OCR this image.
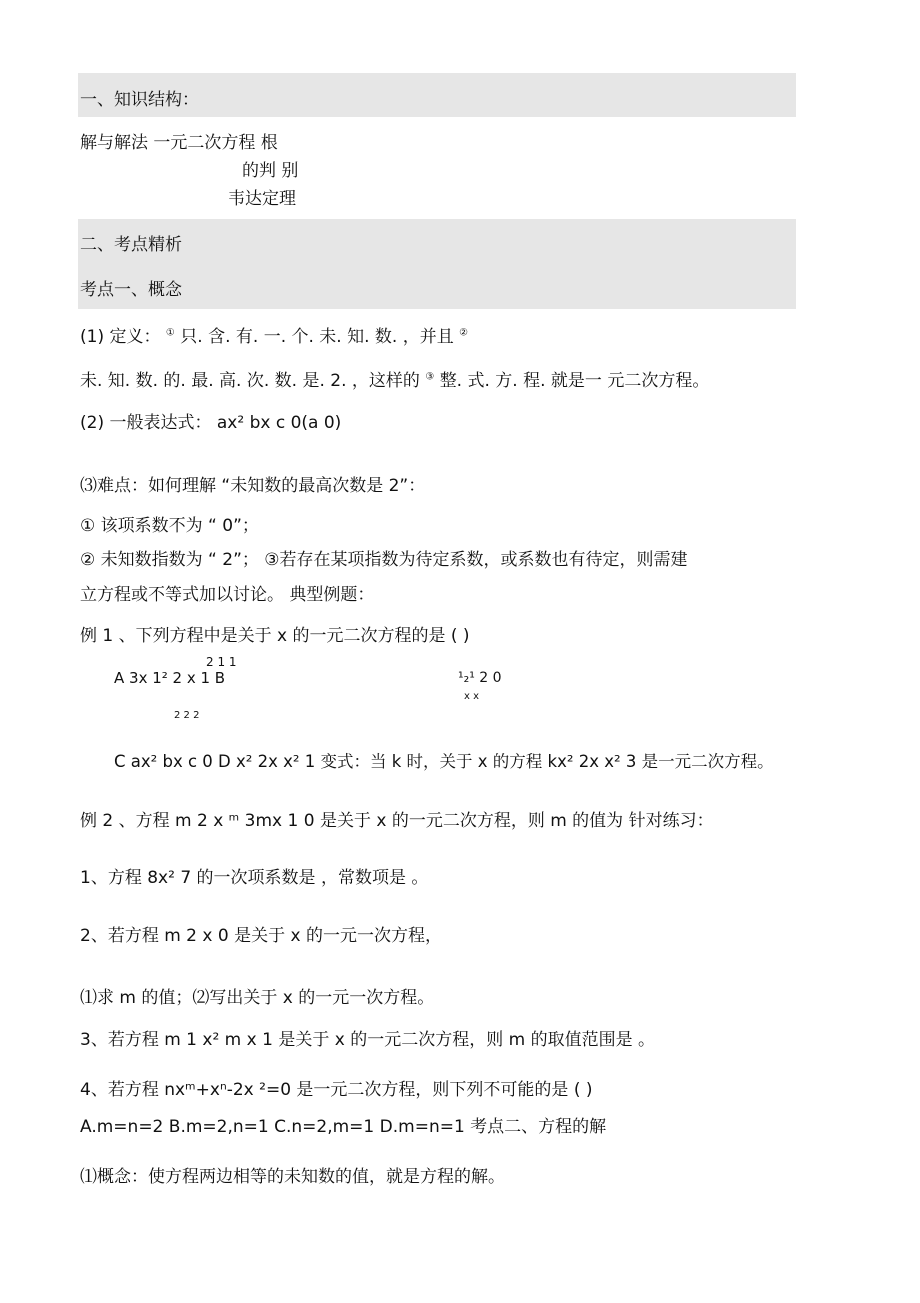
一、知识结构：
解与解法 一元二次方程 根
的判 别
韦达定理
二、考点精析
考点一、概念
(1) 定义： ① 只. 含. 有. 一. 个. 未. 知. 数. ，并且 ②
未. 知. 数. 的. 最. 高. 次. 数. 是. 2. ，这样的 ③ 整. 式. 方. 程. 就是一 元二次方程。
(2) 一般表达式： ax² bx c 0(a 0)
⑶难点：如何理解 “未知数的最高次数是 2”：
① 该项系数不为 “ 0”；
② 未知数指数为 “ 2”； ③若存在某项指数为待定系数，或系数也有待定，则需建
立方程或不等式加以讨论。 典型例题：
例 1 、下列方程中是关于 x 的一元二次方程的是 ( )
2 1 1
A 3x 1² 2 x 1 B	¹₂¹ 2 0
x x
2 2 2
C ax² bx c 0 D x² 2x x² 1 变式：当 k 时，关于 x 的方程 kx² 2x x² 3 是一元二次方程。
例 2 、方程 m 2 x ᵐ 3mx 1 0 是关于 x 的一元二次方程，则 m 的值为 针对练习：
1、方程 8x² 7 的一次项系数是 ，常数项是 。
2、若方程 m 2 x 0 是关于 x 的一元一次方程，
⑴求 m 的值；⑵写出关于 x 的一元一次方程。
3、若方程 m 1 x² m x 1 是关于 x 的一元二次方程，则 m 的取值范围是 。
4、若方程 nxᵐ+xⁿ-2x ²=0 是一元二次方程，则下列不可能的是 ( )
A.m=n=2 B.m=2,n=1 C.n=2,m=1 D.m=n=1 考点二、方程的解
⑴概念：使方程两边相等的未知数的值，就是方程的解。
